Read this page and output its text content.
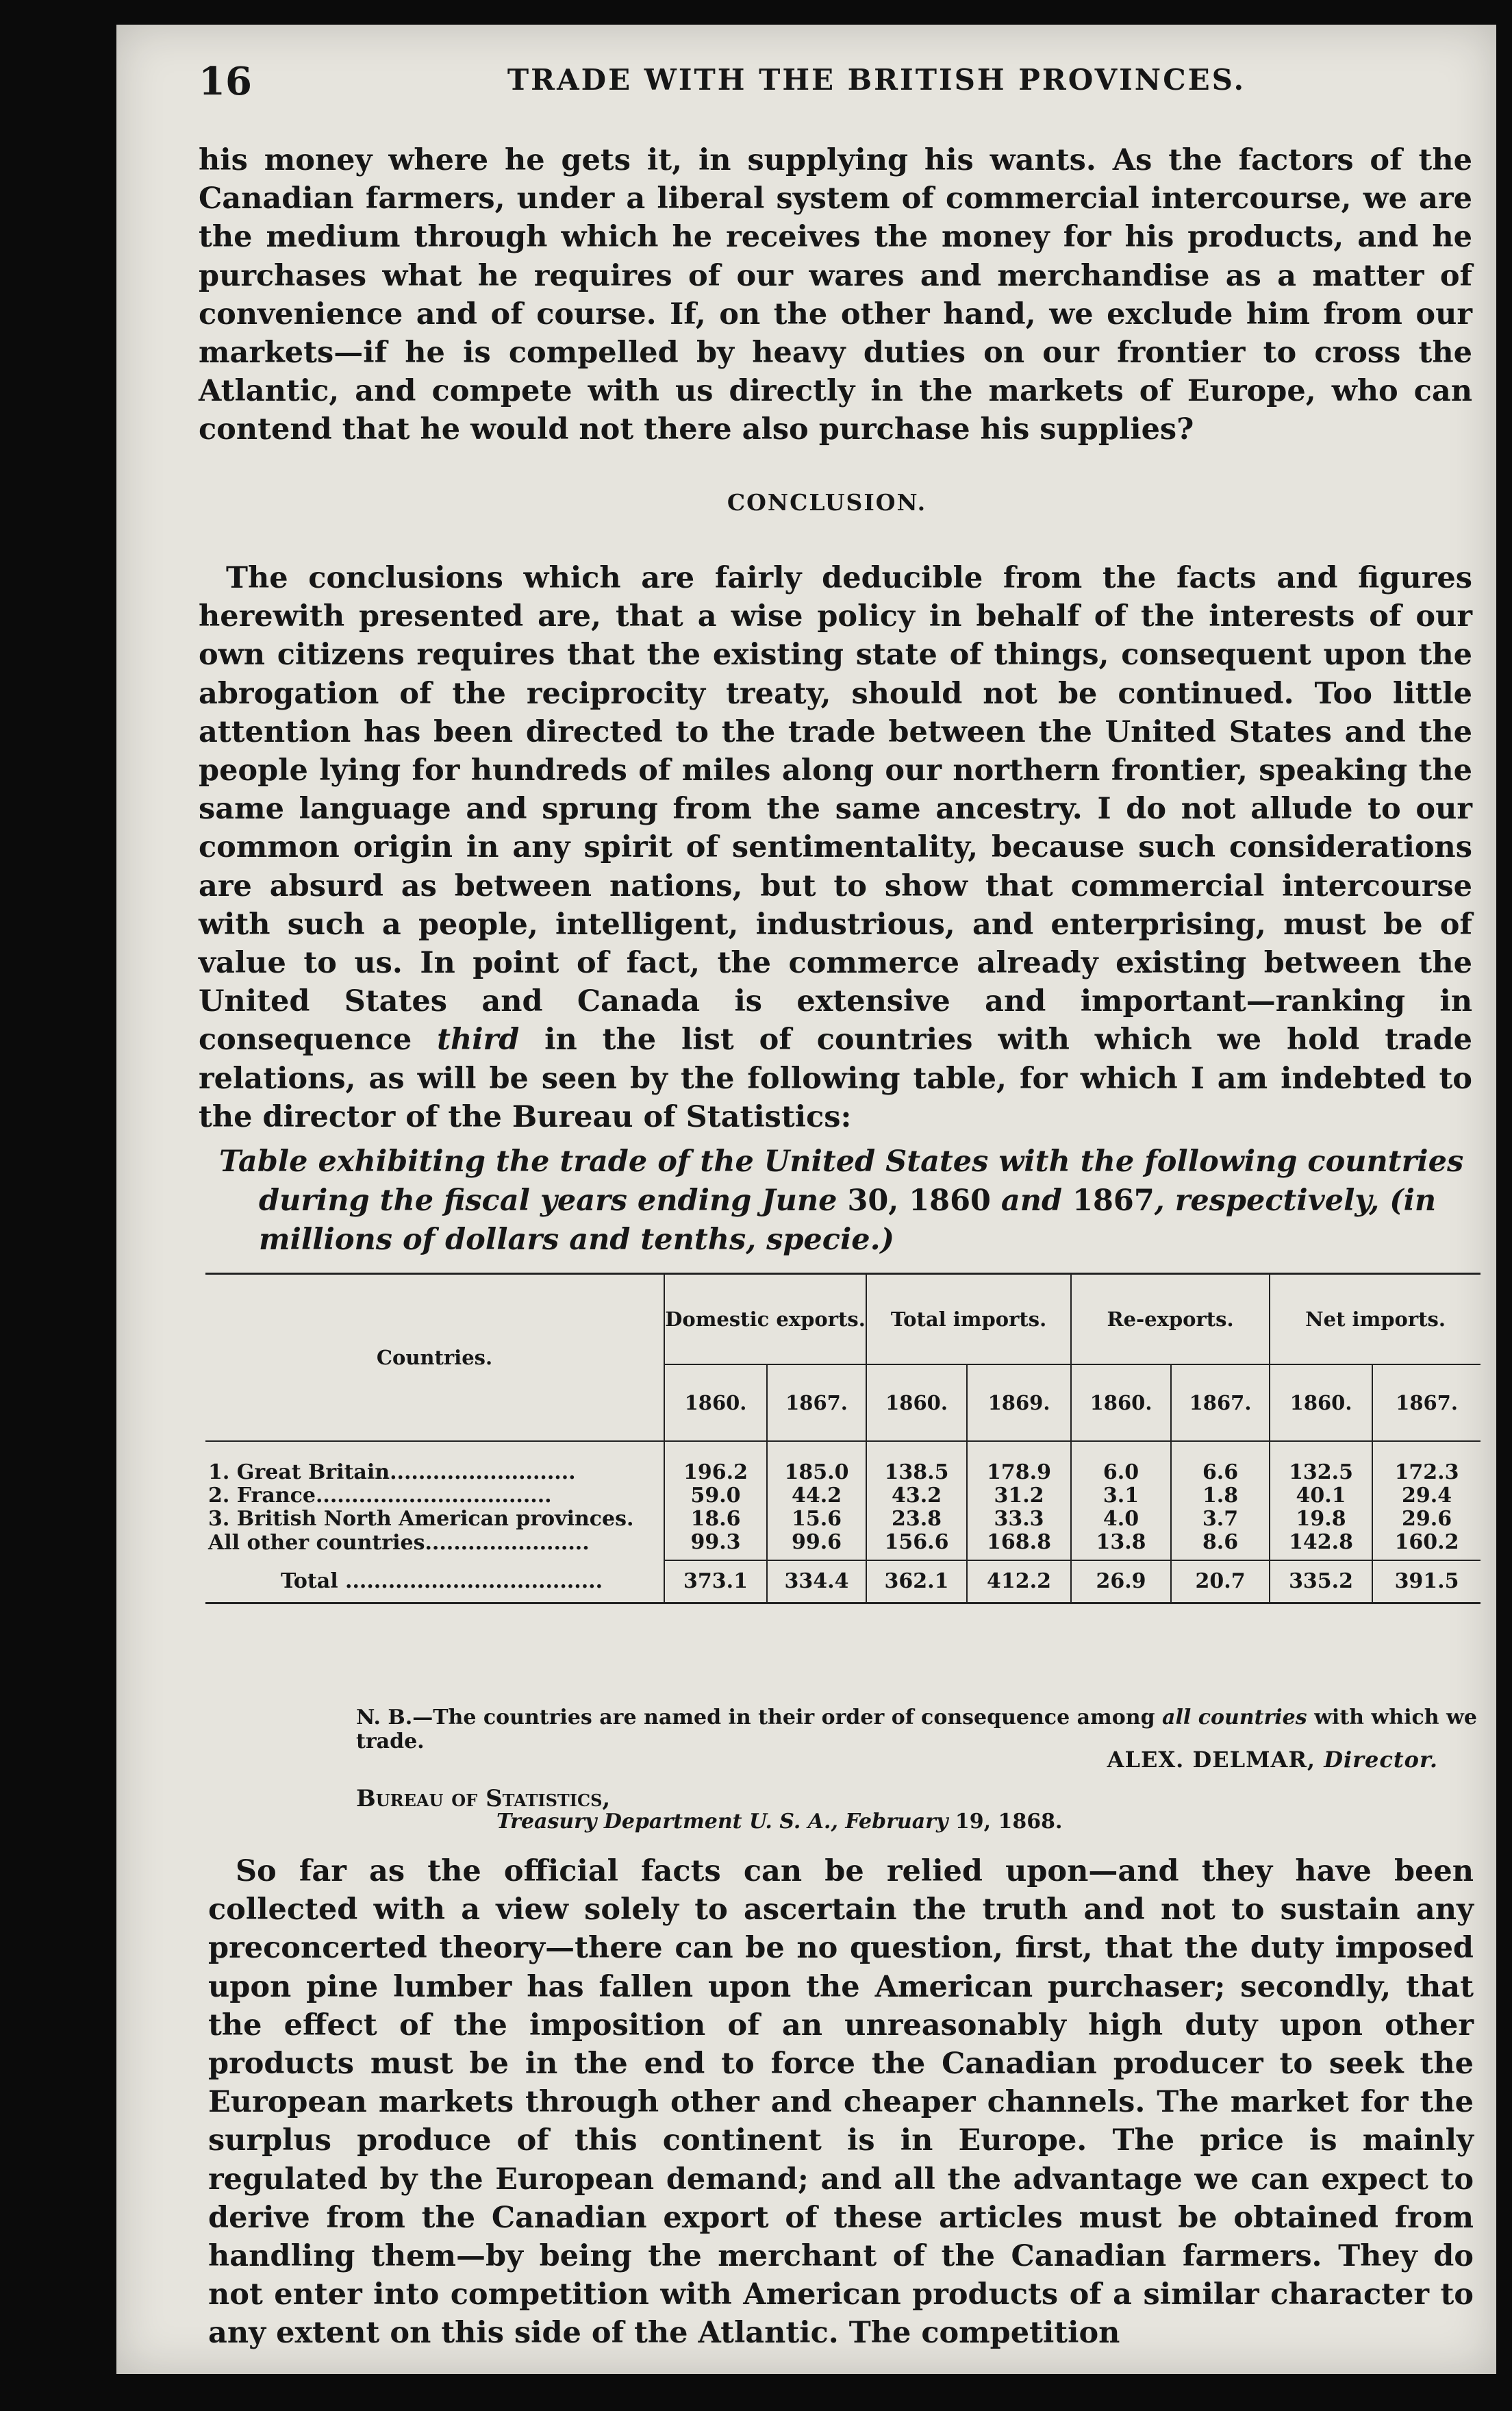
16	TRADE WITH THE BRITISH PROVINCES.
his money where he gets it, in supplying his wants. As the factors of the Canadian farmers, under a liberal system of commercial intercourse, we are the medium through which he receives the money for his products, and he purchases what he requires of our wares and merchandise as a matter of convenience and of course. If, on the other hand, we exclude him from our markets—if he is compelled by heavy duties on our frontier to cross the Atlantic, and compete with us directly in the markets of Europe, who can contend that he would not there also purchase his supplies?
CONCLUSION.
The conclusions which are fairly deducible from the facts and figures herewith presented are, that a wise policy in behalf of the interests of our own citizens requires that the existing state of things, consequent upon the abrogation of the reciprocity treaty, should not be continued. Too little attention has been directed to the trade between the United States and the people lying for hundreds of miles along our northern frontier, speaking the same language and sprung from the same ancestry. I do not allude to our common origin in any spirit of sentimentality, because such considerations are absurd as between nations, but to show that commercial intercourse with such a people, intelligent, industrious, and enterprising, must be of value to us. In point of fact, the commerce already existing between the United States and Canada is extensive and important—ranking in consequence third in the list of countries with which we hold trade relations, as will be seen by the following table, for which I am indebted to the director of the Bureau of Statistics:
Table exhibiting the trade of the United States with the following countries during the fiscal years ending June 30, 1860 and 1867, respectively, (in millions of dollars and tenths, specie.)
Countries.	Domestic exports.		Total imports.		Re-exports.		Net imports.	
	1860.	1867.	1860.	1869.	1860.	1867.	1860.	1867.

1. Great Britain..........................	196.2	185.0	138.5	178.9	6.0	6.6	132.5	172.3
2. France.................................	59.0	44.2	43.2	31.2	3.1	1.8	40.1	29.4
3. British North American provinces.	18.6	15.6	23.8	33.3	4.0	3.7	19.8	29.6
All other countries.......................	99.3	99.6	156.6	168.8	13.8	8.6	142.8	160.2
Total ....................................	373.1	334.4	362.1	412.2	26.9	20.7	335.2	391.5
N. B.—The countries are named in their order of consequence among all countries with which we trade.
ALEX. DELMAR, Director.
Bureau of Statistics,
Treasury Department U. S. A., February 19, 1868.
So far as the official facts can be relied upon—and they have been collected with a view solely to ascertain the truth and not to sustain any preconcerted theory—there can be no question, first, that the duty imposed upon pine lumber has fallen upon the American purchaser; secondly, that the effect of the imposition of an unreasonably high duty upon other products must be in the end to force the Canadian producer to seek the European markets through other and cheaper channels. The market for the surplus produce of this continent is in Europe. The price is mainly regulated by the European demand; and all the advantage we can expect to derive from the Canadian export of these articles must be obtained from handling them—by being the merchant of the Canadian farmers. They do not enter into competition with American products of a similar character to any extent on this side of the Atlantic. The competition
